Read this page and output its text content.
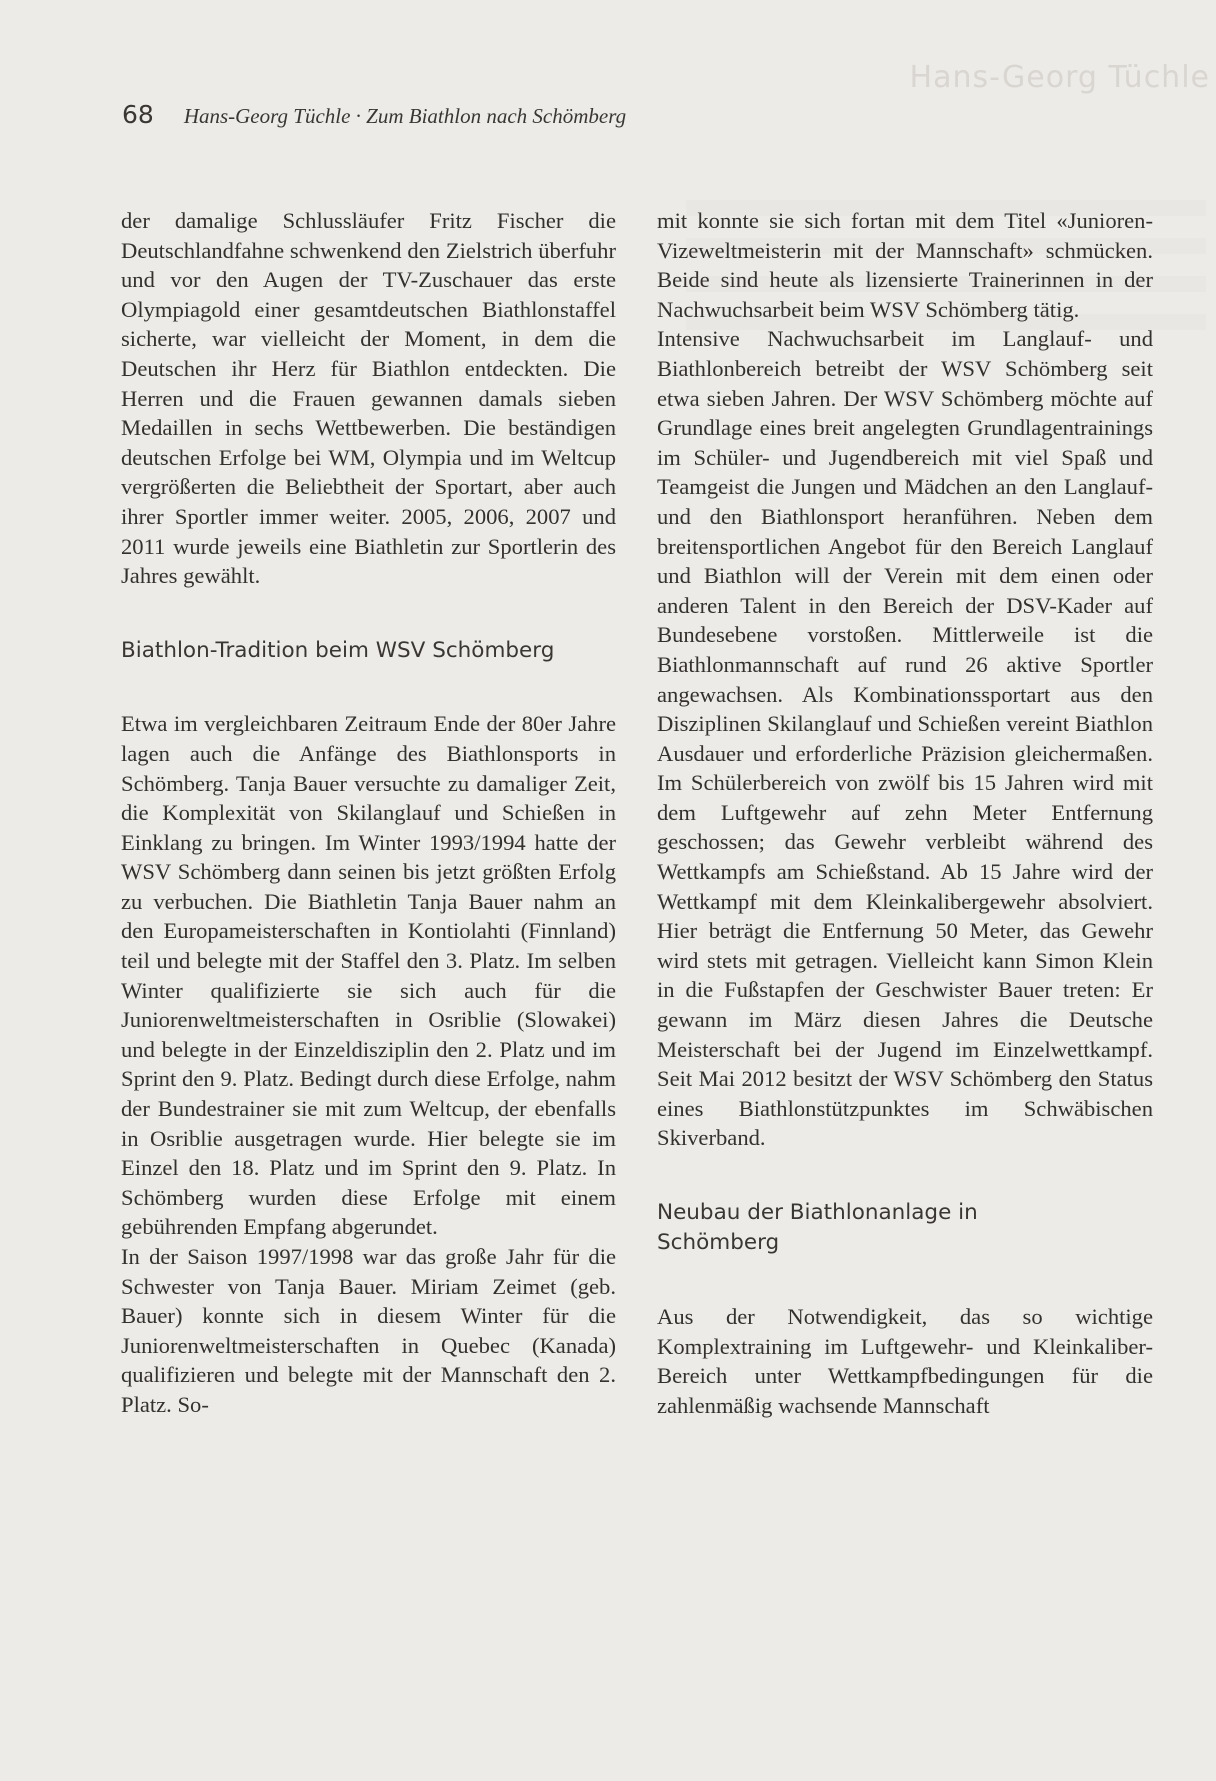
Hans-Georg Tüchle
68 Hans-Georg Tüchle · Zum Biathlon nach Schömberg

der damalige Schlussläufer Fritz Fischer die Deutschlandfahne schwenkend den Zielstrich überfuhr und vor den Augen der TV-Zuschauer das erste Olympiagold einer gesamtdeutschen Biathlonstaffel sicherte, war vielleicht der Moment, in dem die Deutschen ihr Herz für Biathlon entdeckten. Die Herren und die Frauen gewannen damals sieben Medaillen in sechs Wettbewerben. Die beständigen deutschen Erfolge bei WM, Olympia und im Weltcup vergrößerten die Beliebtheit der Sportart, aber auch ihrer Sportler immer weiter. 2005, 2006, 2007 und 2011 wurde jeweils eine Biathletin zur Sportlerin des Jahres gewählt.

Biathlon-Tradition beim WSV Schömberg

Etwa im vergleichbaren Zeitraum Ende der 80er Jahre lagen auch die Anfänge des Biathlonsports in Schömberg. Tanja Bauer versuchte zu damaliger Zeit, die Komplexität von Skilanglauf und Schießen in Einklang zu bringen. Im Winter 1993/1994 hatte der WSV Schömberg dann seinen bis jetzt größten Erfolg zu verbuchen. Die Biathletin Tanja Bauer nahm an den Europameisterschaften in Kontiolahti (Finnland) teil und belegte mit der Staffel den 3. Platz. Im selben Winter qualifizierte sie sich auch für die Juniorenweltmeisterschaften in Osriblie (Slowakei) und belegte in der Einzeldisziplin den 2. Platz und im Sprint den 9. Platz. Bedingt durch diese Erfolge, nahm der Bundestrainer sie mit zum Weltcup, der ebenfalls in Osriblie ausgetragen wurde. Hier belegte sie im Einzel den 18. Platz und im Sprint den 9. Platz. In Schömberg wurden diese Erfolge mit einem gebührenden Empfang abgerundet.

In der Saison 1997/1998 war das große Jahr für die Schwester von Tanja Bauer. Miriam Zeimet (geb. Bauer) konnte sich in diesem Winter für die Juniorenweltmeisterschaften in Quebec (Kanada) qualifizieren und belegte mit der Mannschaft den 2. Platz. So-

mit konnte sie sich fortan mit dem Titel «Junioren-Vizeweltmeisterin mit der Mannschaft» schmücken. Beide sind heute als lizensierte Trainerinnen in der Nachwuchsarbeit beim WSV Schömberg tätig.

Intensive Nachwuchsarbeit im Langlauf- und Biathlonbereich betreibt der WSV Schömberg seit etwa sieben Jahren. Der WSV Schömberg möchte auf Grundlage eines breit angelegten Grundlagentrainings im Schüler- und Jugendbereich mit viel Spaß und Teamgeist die Jungen und Mädchen an den Langlauf- und den Biathlonsport heranführen. Neben dem breitensportlichen Angebot für den Bereich Langlauf und Biathlon will der Verein mit dem einen oder anderen Talent in den Bereich der DSV-Kader auf Bundesebene vorstoßen. Mittlerweile ist die Biathlonmannschaft auf rund 26 aktive Sportler angewachsen. Als Kombinationssportart aus den Disziplinen Skilanglauf und Schießen vereint Biathlon Ausdauer und erforderliche Präzision gleichermaßen. Im Schülerbereich von zwölf bis 15 Jahren wird mit dem Luftgewehr auf zehn Meter Entfernung geschossen; das Gewehr verbleibt während des Wettkampfs am Schießstand. Ab 15 Jahre wird der Wettkampf mit dem Kleinkalibergewehr absolviert. Hier beträgt die Entfernung 50 Meter, das Gewehr wird stets mit getragen. Vielleicht kann Simon Klein in die Fußstapfen der Geschwister Bauer treten: Er gewann im März diesen Jahres die Deutsche Meisterschaft bei der Jugend im Einzelwettkampf. Seit Mai 2012 besitzt der WSV Schömberg den Status eines Biathlonstützpunktes im Schwäbischen Skiverband.

Neubau der Biathlonanlage in Schömberg

Aus der Notwendigkeit, das so wichtige Komplextraining im Luftgewehr- und Kleinkaliber-Bereich unter Wettkampfbedingungen für die zahlenmäßig wachsende Mannschaft
